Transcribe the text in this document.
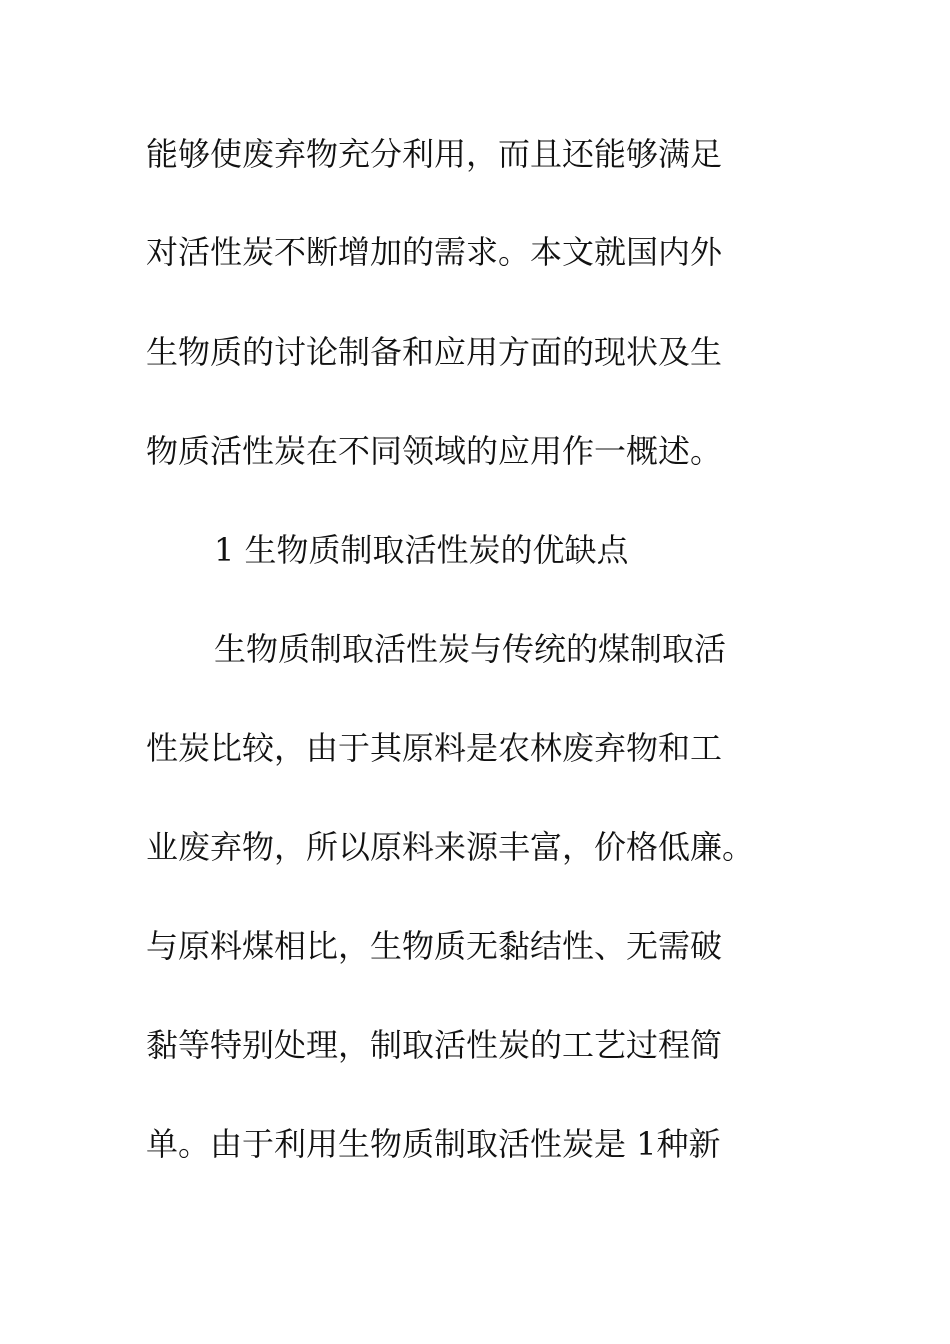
能够使废弃物充分利用，而且还能够满足
对活性炭不断增加的需求。本文就国内外
生物质的讨论制备和应用方面的现状及生
物质活性炭在不同领域的应用作一概述。
1 生物质制取活性炭的优缺点
生物质制取活性炭与传统的煤制取活
性炭比较，由于其原料是农林废弃物和工
业废弃物，所以原料来源丰富，价格低廉。
与原料煤相比，生物质无黏结性、无需破
黏等特别处理，制取活性炭的工艺过程简
单。由于利用生物质制取活性炭是 1种新
